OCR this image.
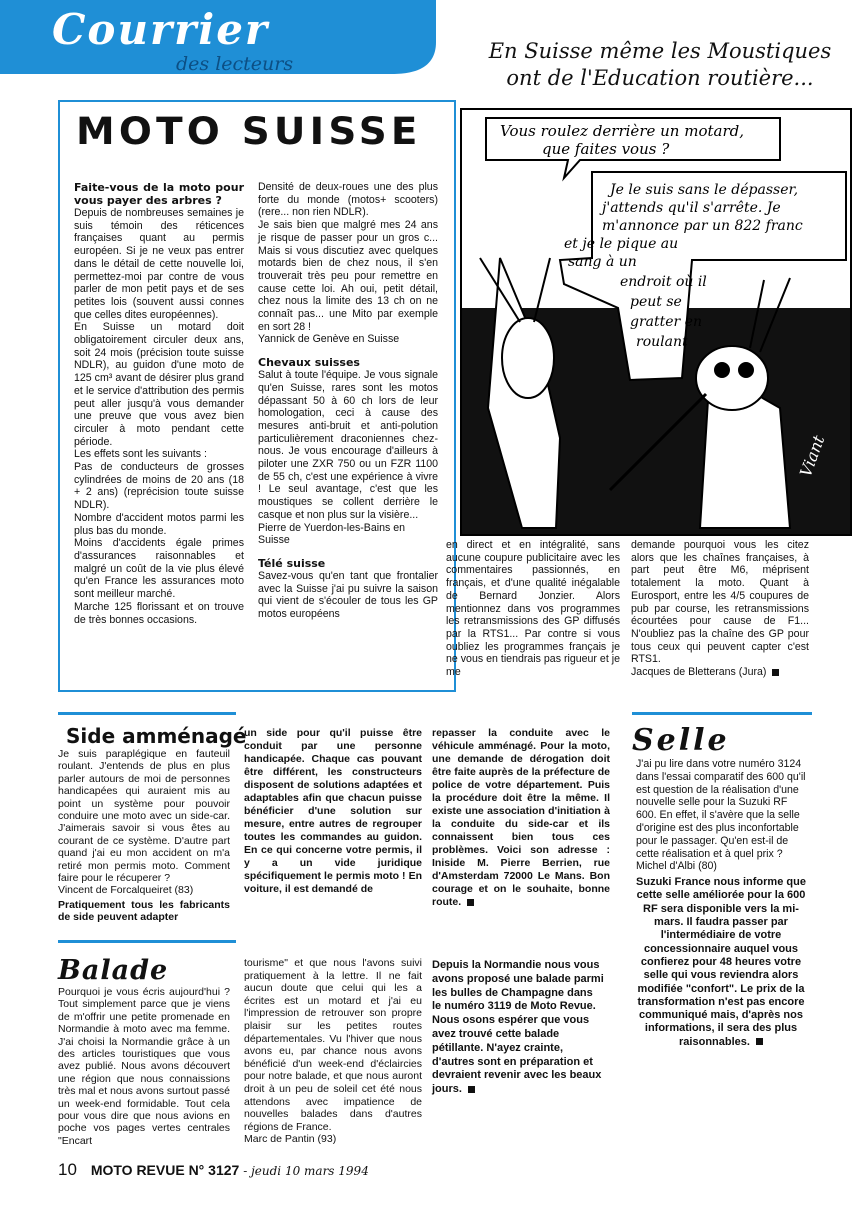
Courrier
des lecteurs
En Suisse même les Moustiques ont de l'Education routière...
MOTO SUISSE

Faite-vous de la moto pour vous payer des arbres ?

Depuis de nombreuses semaines je suis témoin des réticences françaises quant au permis européen. Si je ne veux pas entrer dans le détail de cette nouvelle loi, permettez-moi par contre de vous parler de mon petit pays et de ses petites lois (souvent aussi connes que celles dites européennes).

En Suisse un motard doit obligatoirement circuler deux ans, soit 24 mois (précision toute suisse NDLR), au guidon d'une moto de 125 cm³ avant de désirer plus grand et le service d'attribution des permis peut aller jusqu'à vous demander une preuve que vous avez bien circuler à moto pendant cette période.

Les effets sont les suivants :

Pas de conducteurs de grosses cylindrées de moins de 20 ans (18 + 2 ans) (reprécision toute suisse NDLR).

Nombre d'accident motos parmi les plus bas du monde.

Moins d'accidents égale primes d'assurances raisonnables et malgré un coût de la vie plus élevé qu'en France les assurances moto sont meilleur marché.

Marche 125 florissant et on trouve de très bonnes occasions.

Densité de deux-roues une des plus forte du monde (motos+ scooters) (rere... non rien NDLR).

Je sais bien que malgré mes 24 ans je risque de passer pour un gros c... Mais si vous discutiez avec quelques motards bien de chez nous, il s'en trouverait très peu pour remettre en cause cette loi. Ah oui, petit détail, chez nous la limite des 13 ch on ne connaît pas... une Mito par exemple en sort 28 !

Yannick de Genève en Suisse

Chevaux suisses

Salut à toute l'équipe. Je vous signale qu'en Suisse, rares sont les motos dépassant 50 à 60 ch lors de leur homologation, ceci à cause des mesures anti-bruit et anti-polution particulièrement draconiennes chez-nous. Je vous encourage d'ailleurs à piloter une ZXR 750 ou un FZR 1100 de 55 ch, c'est une expérience à vivre ! Le seul avantage, c'est que les moustiques se collent derrière le casque et non plus sur la visière...

Pierre de Yuerdon-les-Bains en Suisse

Télé suisse

Savez-vous qu'en tant que frontalier avec la Suisse j'ai pu suivre la saison qui vient de s'écouler de tous les GP motos européens

Vous roulez derrière un motard, que faites vous ?
Je le suis sans le dépasser, j'attends qu'il s'arrête. Je m'annonce par un 822 franc et je le pique au sang à un endroit où il peut se gratter en roulant
Viant

en direct et en intégralité, sans aucune coupure publicitaire avec les commentaires passionnés, en français, et d'une qualité inégalable de Bernard Jonzier. Alors mentionnez dans vos programmes les retransmissions des GP diffusés par la RTS1... Par contre si vous oubliez les programmes français je ne vous en tiendrais pas rigueur et je me

demande pourquoi vous les citez alors que les chaînes françaises, à part peut être M6, méprisent totalement la moto. Quant à Eurosport, entre les 4/5 coupures de pub par course, les retransmissions écourtées pour cause de F1... N'oubliez pas la chaîne des GP pour tous ceux qui peuvent capter c'est RTS1.

Jacques de Bletterans (Jura)

Side amménagé

Je suis paraplégique en fauteuil roulant. J'entends de plus en plus parler autours de moi de personnes handicapées qui auraient mis au point un système pour pouvoir conduire une moto avec un side-car. J'aimerais savoir si vous êtes au courant de ce système. D'autre part quand j'ai eu mon accident on m'a retiré mon permis moto. Comment faire pour le récuperer ?

Vincent de Forcalqueiret (83)

Pratiquement tous les fabricants de side peuvent adapter

un side pour qu'il puisse être conduit par une personne handicapée. Chaque cas pouvant être différent, les constructeurs disposent de solutions adaptées et adaptables afin que chacun puisse bénéficier d'une solution sur mesure, entre autres de regrouper toutes les commandes au guidon. En ce qui concerne votre permis, il y a un vide juridique spécifiquement le permis moto ! En voiture, il est demandé de

repasser la conduite avec le véhicule amménagé. Pour la moto, une demande de dérogation doit être faite auprès de la préfecture de police de votre département. Puis la procédure doit être la même. Il existe une association d'initiation à la conduite du side-car et ils connaissent bien tous ces problèmes. Voici son adresse : Iniside M. Pierre Berrien, rue d'Amsterdam 72000 Le Mans. Bon courage et on le souhaite, bonne route.

Balade

Pourquoi je vous écris aujourd'hui ? Tout simplement parce que je viens de m'offrir une petite promenade en Normandie à moto avec ma femme. J'ai choisi la Normandie grâce à un des articles touristiques que vous avez publié. Nous avons découvert une région que nous connaissions très mal et nous avons surtout passé un week-end formidable. Tout cela pour vous dire que nous avions en poche vos pages vertes centrales "Encart

tourisme" et que nous l'avons suivi pratiquement à la lettre. Il ne fait aucun doute que celui qui les a écrites est un motard et j'ai eu l'impression de retrouver son propre plaisir sur les petites routes départementales. Vu l'hiver que nous avons eu, par chance nous avons bénéficié d'un week-end d'éclaircies pour notre balade, et que nous auront droit à un peu de soleil cet été nous attendons avec impatience de nouvelles balades dans d'autres régions de France.

Marc de Pantin (93)

Depuis la Normandie nous vous avons proposé une balade parmi les bulles de Champagne dans le numéro 3119 de Moto Revue. Nous osons espérer que vous avez trouvé cette balade pétillante. N'ayez crainte, d'autres sont en préparation et devraient revenir avec les beaux jours.

Selle

J'ai pu lire dans votre numéro 3124 dans l'essai comparatif des 600 qu'il est question de la réalisation d'une nouvelle selle pour la Suzuki RF 600. En effet, il s'avère que la selle d'origine est des plus inconfortable pour le passager. Qu'en est-il de cette réalisation et à quel prix ?

Michel d'Albi (80)

Suzuki France nous informe que cette selle améliorée pour la 600 RF sera disponible vers la mi-mars. Il faudra passer par l'intermédiaire de votre concessionnaire auquel vous confierez pour 48 heures votre selle qui vous reviendra alors modifiée "confort". Le prix de la transformation n'est pas encore communiqué mais, d'après nos informations, il sera des plus raisonnables.

10 MOTO REVUE N° 3127 - jeudi 10 mars 1994
